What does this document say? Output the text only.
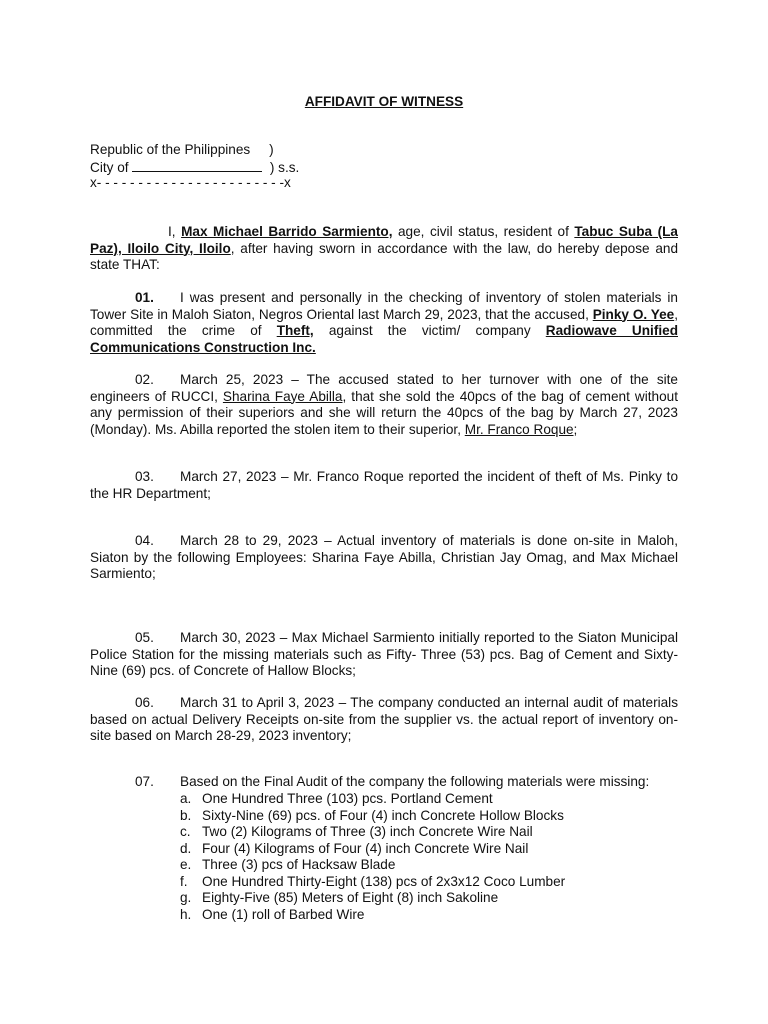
AFFIDAVIT OF WITNESS
Republic of the Philippines     )
City of	) s.s.
x- - - - - - - - - - - - - - - - - - - - - - -x

I, Max Michael Barrido Sarmiento, age, civil status, resident of Tabuc Suba (La Paz), Iloilo City, Iloilo, after having sworn in accordance with the law, do hereby depose and state THAT:

01. I was present and personally in the checking of inventory of stolen materials in Tower Site in Maloh Siaton, Negros Oriental last March 29, 2023, that the accused, Pinky O. Yee, committed the crime of Theft, against the victim/ company Radiowave Unified Communications Construction Inc.

02. March 25, 2023 – The accused stated to her turnover with one of the site engineers of RUCCI, Sharina Faye Abilla, that she sold the 40pcs of the bag of cement without any permission of their superiors and she will return the 40pcs of the bag by March 27, 2023 (Monday). Ms. Abilla reported the stolen item to their superior, Mr. Franco Roque;

03. March 27, 2023 – Mr. Franco Roque reported the incident of theft of Ms. Pinky to the HR Department;

04. March 28 to 29, 2023 – Actual inventory of materials is done on-site in Maloh, Siaton by the following Employees: Sharina Faye Abilla, Christian Jay Omag, and Max Michael Sarmiento;

05. March 30, 2023 – Max Michael Sarmiento initially reported to the Siaton Municipal Police Station for the missing materials such as Fifty- Three (53) pcs. Bag of Cement and Sixty-Nine (69) pcs. of Concrete of Hallow Blocks;

06. March 31 to April 3, 2023 – The company conducted an internal audit of materials based on actual Delivery Receipts on-site from the supplier vs. the actual report of inventory on-site based on March 28-29, 2023 inventory;

07. Based on the Final Audit of the company the following materials were missing:

a. One Hundred Three (103) pcs. Portland Cement
b. Sixty-Nine (69) pcs. of Four (4) inch Concrete Hollow Blocks
c. Two (2) Kilograms of Three (3) inch Concrete Wire Nail
d. Four (4) Kilograms of Four (4) inch Concrete Wire Nail
e. Three (3) pcs of Hacksaw Blade
f.	One Hundred Thirty-Eight (138) pcs of 2x3x12 Coco Lumber
g. Eighty-Five (85) Meters of Eight (8) inch Sakoline
h. One (1) roll of Barbed Wire
